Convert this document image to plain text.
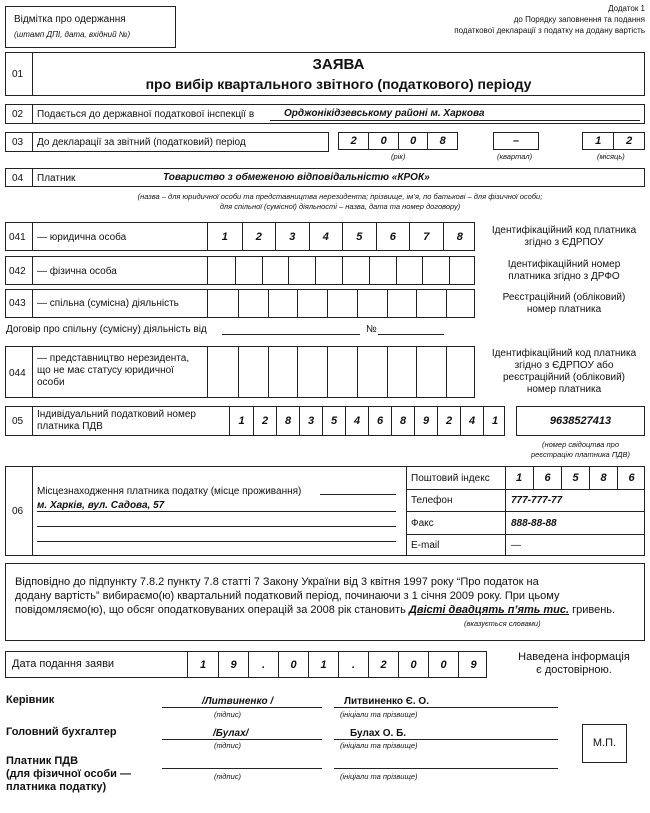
Відмітка про одержання
(штамп ДПІ, дата, вхідний №)
Додаток 1
до Порядку заповнення та подання
податкової декларації з податку на додану вартість
01
ЗАЯВА
про вибір квартального звітного (податкового) періоду
02 Подається до державної податкової інспекції в	Орджонікідзевському районі м. Харкова
03 До декларації за звітний (податковий) період	2	0	0	8
(рік)
–
(квартал)
1	2
(місяць)
04 Платник	Товариство з обмеженою відповідальністю «КРОК»
(назва – для юридичної особи та представництва нерезидента; прізвище, ім’я, по батькові – для фізичної особи;
для спільної (сумісної) діяльності – назва, дата та номер договору)
041 — юридична особа	1	2	3	4	5	6	7	8	Ідентифікаційний код платника
згідно з ЄДРПОУ
042 — фізична особа
Ідентифікаційний номер
платника згідно з ДРФО
043 — спільна (сумісна) діяльність
Реєстраційний (обліковий)
номер платника
Договір про спільну (сумісну) діяльність від	№
044
— представництво нерезидента,
що не має статусу юридичної
особи
Ідентифікаційний код платника
згідно з ЄДРПОУ або
реєстраційний (обліковий)
номер платника
05
Індивідуальний податковий номер
платника ПДВ	1	2	8	3	5	4	6	8	9	2	4	1	9638527413
(номер свідоцтва про
реєстрацію платника ПДВ)
06
Місцезнаходження платника податку (місце проживання)
м. Харків, вул. Садова, 57
Поштовий індекс	1	6	5	8	6
Телефон	777-777-77
Факс	888-88-88
E-mail	—
Відповідно до підпункту 7.8.2 пункту 7.8 статті 7 Закону України від 3 квітня 1997 року “Про податок на
додану вартість” вибираємо(ю) квартальний податковий період, починаючи з 1 січня 2009 року. При цьому
повідомляємо(ю), що обсяг оподатковуваних операцій за 2008 рік становить Двісті двадцять п’ять тис. гривень.
(вказується словами)
Дата подання заяви	1	9	.	0	1	.	2	0	0	9
Наведена інформація
є достовірною.
Керівник	/Литвиненко /	Литвиненко Є. О.
(підпис)	(ініціали та прізвище)
Головний бухгалтер	/Булах/	Булах О. Б.
(підпис)	(ініціали та прізвище)
Платник ПДВ
(для фізичної особи —
платника податку)
(підпис)	(ініціали та прізвище)
М.П.
